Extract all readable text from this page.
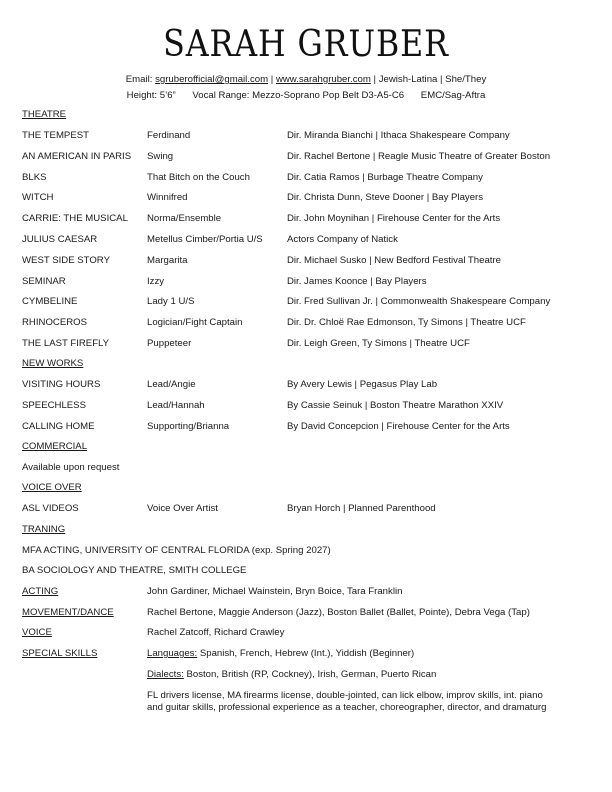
SARAH GRUBER
Email: sgruberofficial@gmail.com | www.sarahgruber.com | Jewish-Latina | She/They
Height: 5’6” Vocal Range: Mezzo-Soprano Pop Belt D3-A5-C6 EMC/Sag-Aftra
THEATRE
THE TEMPEST	Ferdinand	Dir. Miranda Bianchi | Ithaca Shakespeare Company
AN AMERICAN IN PARIS Swing	Dir. Rachel Bertone | Reagle Music Theatre of Greater Boston
BLKS	That Bitch on the Couch	Dir. Catia Ramos | Burbage Theatre Company
WITCH	Winnifred	Dir. Christa Dunn, Steve Dooner | Bay Players
CARRIE: THE MUSICAL Norma/Ensemble	Dir. John Moynihan | Firehouse Center for the Arts
JULIUS CAESAR	Metellus Cimber/Portia U/S	Actors Company of Natick
WEST SIDE STORY	Margarita	Dir. Michael Susko | New Bedford Festival Theatre
SEMINAR	Izzy	Dir. James Koonce | Bay Players
CYMBELINE	Lady 1 U/S	Dir. Fred Sullivan Jr. | Commonwealth Shakespeare Company
RHINOCEROS	Logician/Fight Captain	Dir. Dr. Chloë Rae Edmonson, Ty Simons | Theatre UCF
THE LAST FIREFLY	Puppeteer	Dir. Leigh Green, Ty Simons | Theatre UCF
NEW WORKS
VISITING HOURS	Lead/Angie	By Avery Lewis | Pegasus Play Lab
SPEECHLESS	Lead/Hannah	By Cassie Seinuk | Boston Theatre Marathon XXIV
CALLING HOME	Supporting/Brianna	By David Concepcion | Firehouse Center for the Arts
COMMERCIAL
Available upon request
VOICE OVER
ASL VIDEOS	Voice Over Artist	Bryan Horch | Planned Parenthood
TRANING
MFA ACTING, UNIVERSITY OF CENTRAL FLORIDA (exp. Spring 2027)
BA SOCIOLOGY AND THEATRE, SMITH COLLEGE
ACTING	John Gardiner, Michael Wainstein, Bryn Boice, Tara Franklin
MOVEMENT/DANCE	Rachel Bertone, Maggie Anderson (Jazz), Boston Ballet (Ballet, Pointe), Debra Vega (Tap)
VOICE	Rachel Zatcoff, Richard Crawley
SPECIAL SKILLS	Languages: Spanish, French, Hebrew (Int.), Yiddish (Beginner)
Dialects: Boston, British (RP, Cockney), Irish, German, Puerto Rican
FL drivers license, MA firearms license, double-jointed, can lick elbow, improv skills, int. piano
and guitar skills, professional experience as a teacher, choreographer, director, and dramaturg
